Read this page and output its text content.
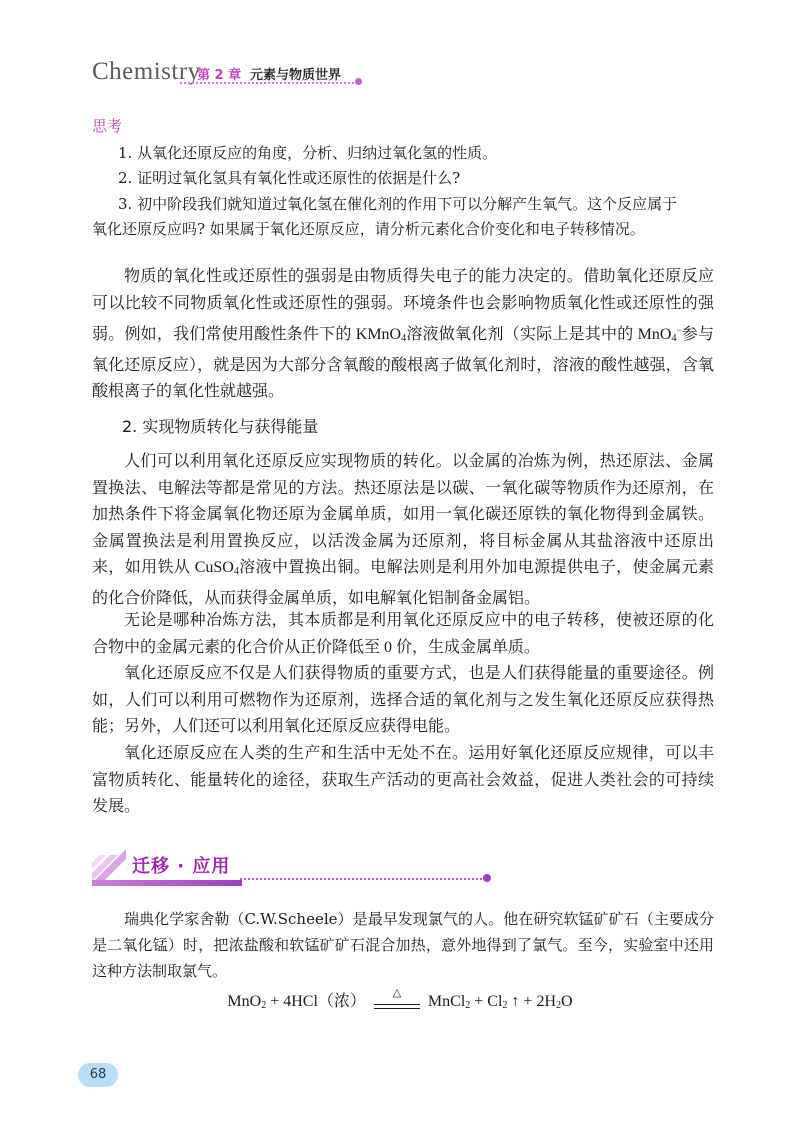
Chemistry
第 2 章 元素与物质世界
思考
1. 从氧化还原反应的角度，分析、归纳过氧化氢的性质。
2. 证明过氧化氢具有氧化性或还原性的依据是什么?
3. 初中阶段我们就知道过氧化氢在催化剂的作用下可以分解产生氧气。这个反应属于
氧化还原反应吗? 如果属于氧化还原反应，请分析元素化合价变化和电子转移情况。
物质的氧化性或还原性的强弱是由物质得失电子的能力决定的。借助氧化还原反应可以比较不同物质氧化性或还原性的强弱。环境条件也会影响物质氧化性或还原性的强弱。例如，我们常使用酸性条件下的 KMnO$_4$溶液做氧化剂（实际上是其中的 MnO$_4$−参与氧化还原反应），就是因为大部分含氧酸的酸根离子做氧化剂时，溶液的酸性越强，含氧酸根离子的氧化性就越强。
2. 实现物质转化与获得能量
人们可以利用氧化还原反应实现物质的转化。以金属的冶炼为例，热还原法、金属置换法、电解法等都是常见的方法。热还原法是以碳、一氧化碳等物质作为还原剂，在加热条件下将金属氧化物还原为金属单质，如用一氧化碳还原铁的氧化物得到金属铁。金属置换法是利用置换反应，以活泼金属为还原剂，将目标金属从其盐溶液中还原出来，如用铁从 CuSO$_4$溶液中置换出铜。电解法则是利用外加电源提供电子，使金属元素的化合价降低，从而获得金属单质，如电解氧化铝制备金属铝。
无论是哪种冶炼方法，其本质都是利用氧化还原反应中的电子转移，使被还原的化合物中的金属元素的化合价从正价降低至 0 价，生成金属单质。
氧化还原反应不仅是人们获得物质的重要方式，也是人们获得能量的重要途径。例如，人们可以利用可燃物作为还原剂，选择合适的氧化剂与之发生氧化还原反应获得热能；另外，人们还可以利用氧化还原反应获得电能。
氧化还原反应在人类的生产和生活中无处不在。运用好氧化还原反应规律，可以丰富物质转化、能量转化的途径，获取生产活动的更高社会效益，促进人类社会的可持续发展。
迁移 · 应用
瑞典化学家舍勒（C.W.Scheele）是最早发现氯气的人。他在研究软锰矿矿石（主要成分是二氧化锰）时，把浓盐酸和软锰矿矿石混合加热，意外地得到了氯气。至今，实验室中还用这种方法制取氯气。
MnO$_2$ + 4HCl（浓）	△	MnCl$_2$ + $Cl_2$ ↑ + $2H_2O$
68
